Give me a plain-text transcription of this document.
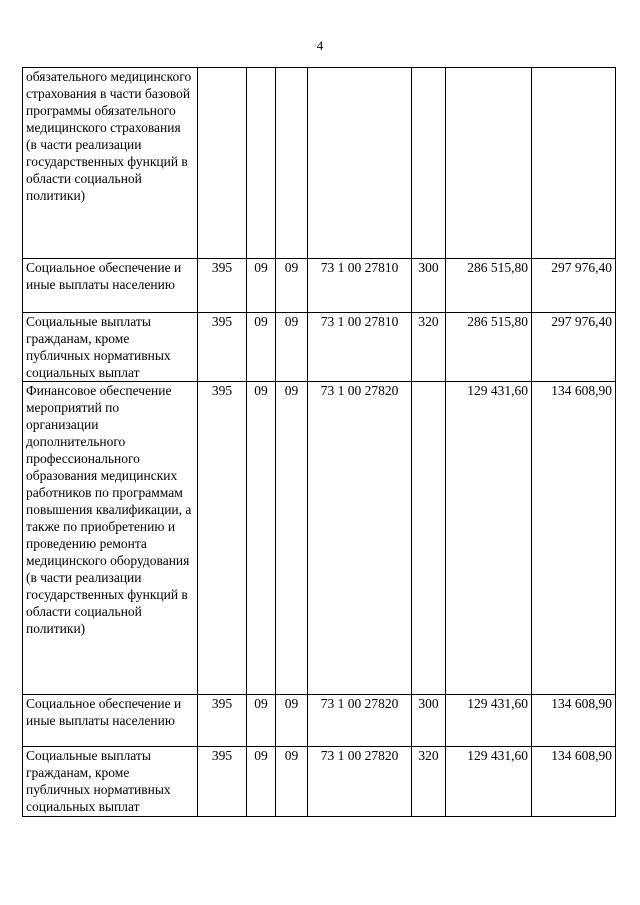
4
обязательного медицинского страхования в части базовой программы обязательного медицинского страхования (в части реализации государственных функций в области социальной политики)							
Социальное обеспечение и иные выплаты населению	395	09	09	73 1 00 27810	300	286 515,80	297 976,40
Социальные выплаты гражданам, кроме публичных нормативных социальных выплат	395	09	09	73 1 00 27810	320	286 515,80	297 976,40
Финансовое обеспечение мероприятий по организации дополнительного профессионального образования медицинских работников по программам повышения квалификации, а также по приобретению и проведению ремонта медицинского оборудования (в части реализации государственных функций в области социальной политики)	395	09	09	73 1 00 27820		129 431,60	134 608,90
Социальное обеспечение и иные выплаты населению	395	09	09	73 1 00 27820	300	129 431,60	134 608,90
Социальные выплаты гражданам, кроме публичных нормативных социальных выплат	395	09	09	73 1 00 27820	320	129 431,60	134 608,90
